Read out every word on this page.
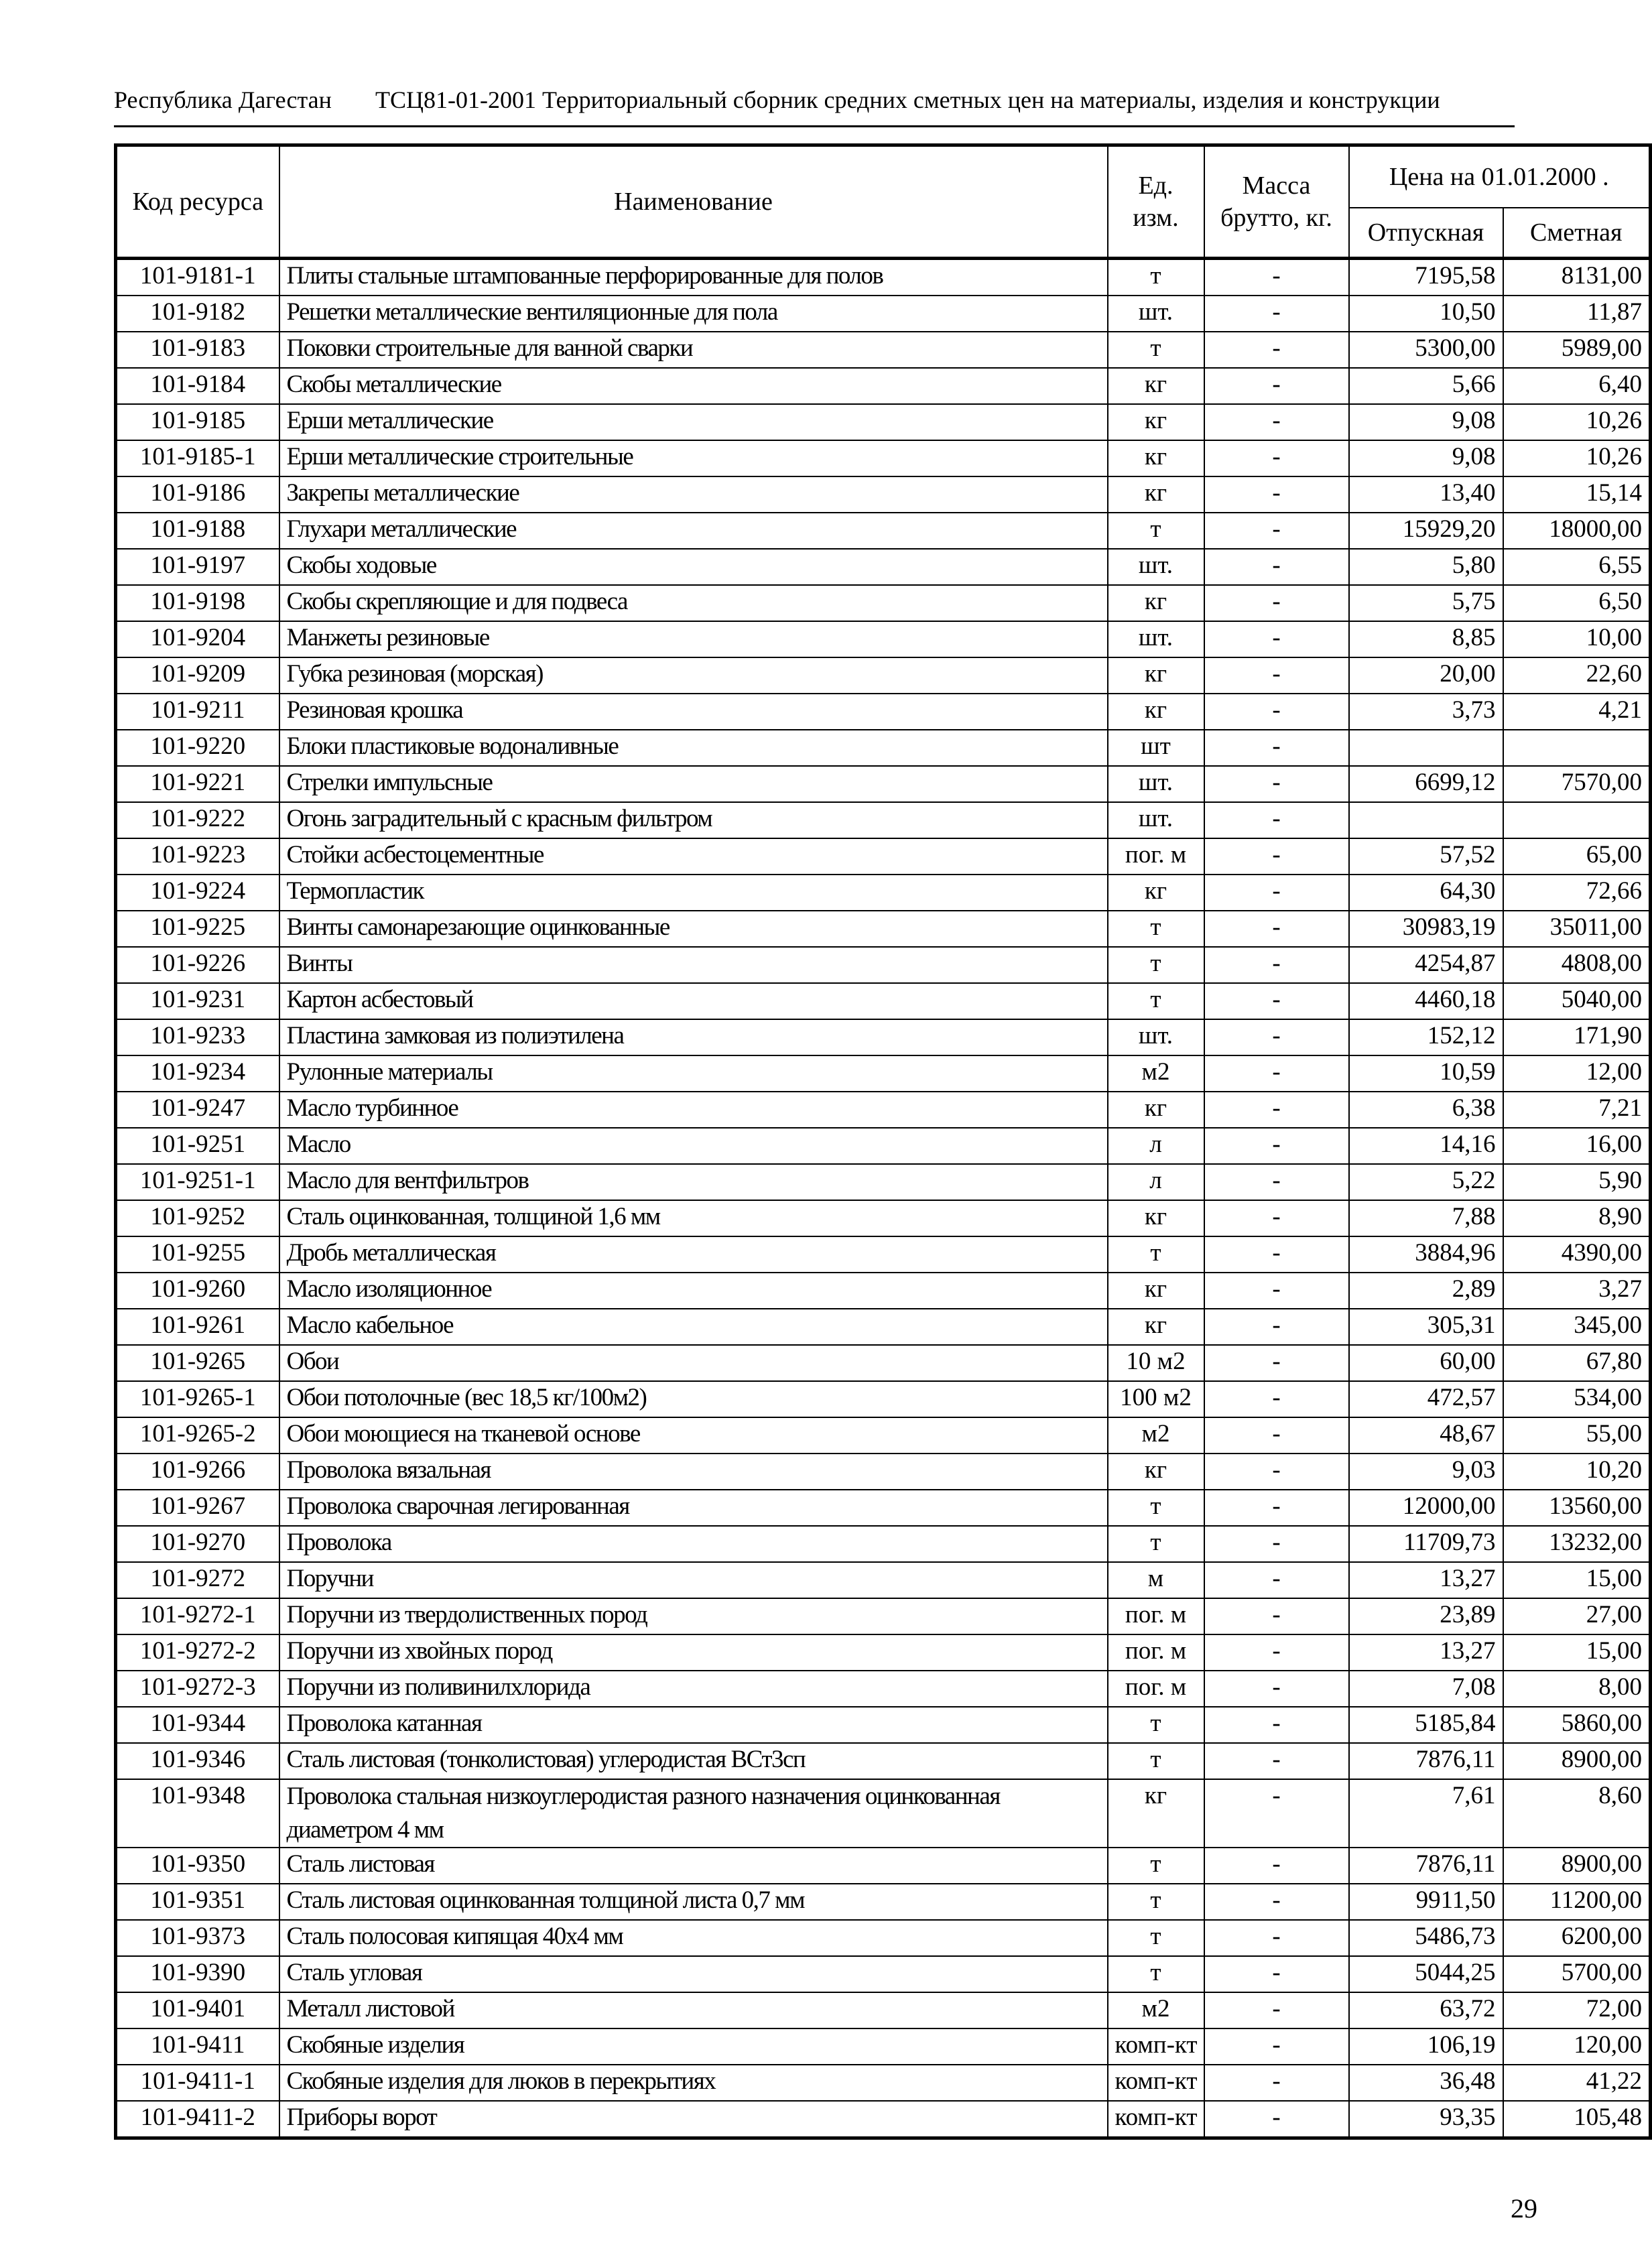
Республика Дагестан ТСЦ81-01-2001 Территориальный сборник средних сметных цен на материалы, изделия и конструкции
Код ресурса	Наименование	Ед. изм.	Масса брутто, кг.	Цена на 01.01.2000 .	
				Отпускная	Сметная
101-9181-1	Плиты стальные штампованные перфорированные для полов	т	-	7195,58	8131,00
101-9182	Решетки металлические вентиляционные для пола	шт.	-	10,50	11,87
101-9183	Поковки строительные для ванной сварки	т	-	5300,00	5989,00
101-9184	Скобы металлические	кг	-	5,66	6,40
101-9185	Ерши металлические	кг	-	9,08	10,26
101-9185-1	Ерши металлические строительные	кг	-	9,08	10,26
101-9186	Закрепы металлические	кг	-	13,40	15,14
101-9188	Глухари металлические	т	-	15929,20	18000,00
101-9197	Скобы ходовые	шт.	-	5,80	6,55
101-9198	Скобы скрепляющие и для подвеса	кг	-	5,75	6,50
101-9204	Манжеты резиновые	шт.	-	8,85	10,00
101-9209	Губка резиновая (морская)	кг	-	20,00	22,60
101-9211	Резиновая крошка	кг	-	3,73	4,21
101-9220	Блоки пластиковые водоналивные	шт	-		
101-9221	Стрелки импульсные	шт.	-	6699,12	7570,00
101-9222	Огонь заградительный с красным фильтром	шт.	-		
101-9223	Стойки асбестоцементные	пог. м	-	57,52	65,00
101-9224	Термопластик	кг	-	64,30	72,66
101-9225	Винты самонарезающие оцинкованные	т	-	30983,19	35011,00
101-9226	Винты	т	-	4254,87	4808,00
101-9231	Картон асбестовый	т	-	4460,18	5040,00
101-9233	Пластина замковая из полиэтилена	шт.	-	152,12	171,90
101-9234	Рулонные материалы	м2	-	10,59	12,00
101-9247	Масло турбинное	кг	-	6,38	7,21
101-9251	Масло	л	-	14,16	16,00
101-9251-1	Масло для вентфильтров	л	-	5,22	5,90
101-9252	Сталь оцинкованная, толщиной 1,6 мм	кг	-	7,88	8,90
101-9255	Дробь металлическая	т	-	3884,96	4390,00
101-9260	Масло изоляционное	кг	-	2,89	3,27
101-9261	Масло кабельное	кг	-	305,31	345,00
101-9265	Обои	10 м2	-	60,00	67,80
101-9265-1	Обои потолочные (вес 18,5 кг/100м2)	100 м2	-	472,57	534,00
101-9265-2	Обои моющиеся на тканевой основе	м2	-	48,67	55,00
101-9266	Проволока вязальная	кг	-	9,03	10,20
101-9267	Проволока сварочная легированная	т	-	12000,00	13560,00
101-9270	Проволока	т	-	11709,73	13232,00
101-9272	Поручни	м	-	13,27	15,00
101-9272-1	Поручни из твердолиственных пород	пог. м	-	23,89	27,00
101-9272-2	Поручни из хвойных пород	пог. м	-	13,27	15,00
101-9272-3	Поручни из поливинилхлорида	пог. м	-	7,08	8,00
101-9344	Проволока катанная	т	-	5185,84	5860,00
101-9346	Сталь листовая (тонколистовая) углеродистая ВСт3сп	т	-	7876,11	8900,00
101-9348	Проволока стальная низкоуглеродистая разного назначения оцинкованная диаметром 4 мм	кг	-	7,61	8,60
101-9350	Сталь листовая	т	-	7876,11	8900,00
101-9351	Сталь листовая оцинкованная толщиной листа 0,7 мм	т	-	9911,50	11200,00
101-9373	Сталь полосовая кипящая 40х4 мм	т	-	5486,73	6200,00
101-9390	Сталь угловая	т	-	5044,25	5700,00
101-9401	Металл листовой	м2	-	63,72	72,00
101-9411	Скобяные изделия	комп-кт	-	106,19	120,00
101-9411-1	Скобяные изделия для люков в перекрытиях	комп-кт	-	36,48	41,22
101-9411-2	Приборы ворот	комп-кт	-	93,35	105,48
29
